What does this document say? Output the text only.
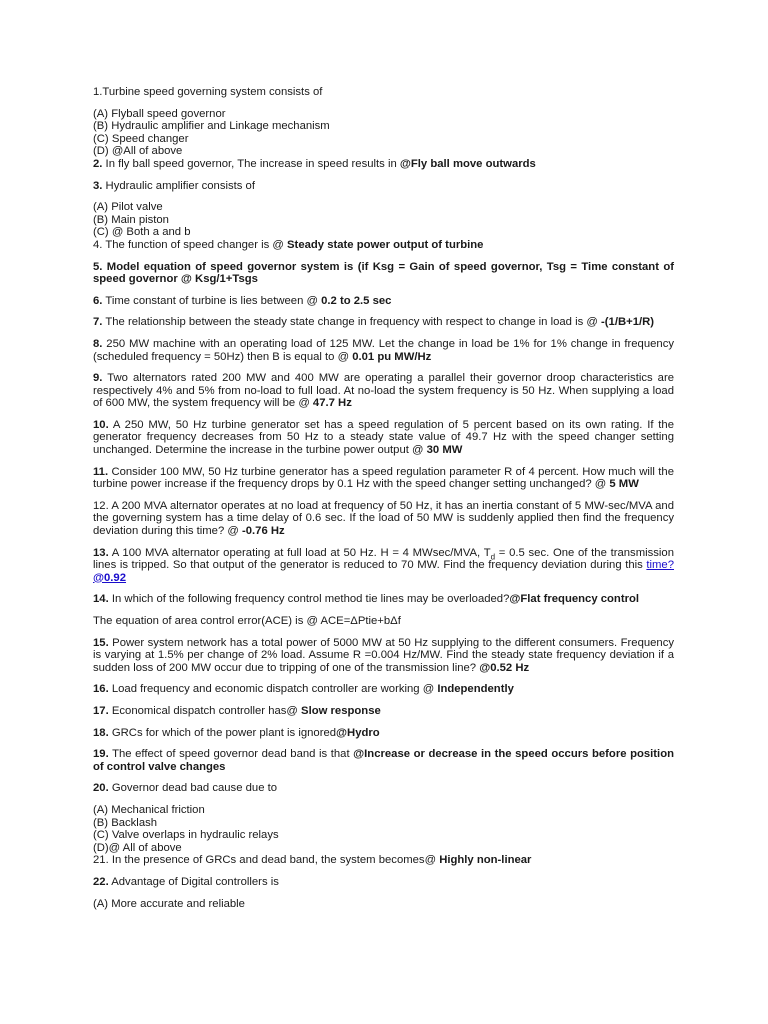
1.Turbine speed governing system consists of

(A) Flyball speed governor

(B) Hydraulic amplifier and Linkage mechanism

(C) Speed changer

(D) @All of above

2. In fly ball speed governor, The increase in speed results in @Fly ball move outwards

3. Hydraulic amplifier consists of

(A) Pilot valve

(B) Main piston

(C) @ Both a and b

4. The function of speed changer is @ Steady state power output of turbine

5. Model equation of speed governor system is (if Ksg = Gain of speed governor, Tsg = Time constant of speed governor @ Ksg/1+Tsgs

6. Time constant of turbine is lies between @ 0.2 to 2.5 sec

7. The relationship between the steady state change in frequency with respect to change in load is @ -(1/B+1/R)

8. 250 MW machine with an operating load of 125 MW. Let the change in load be 1% for 1% change in frequency (scheduled frequency = 50Hz) then B is equal to @ 0.01 pu MW/Hz

9. Two alternators rated 200 MW and 400 MW are operating a parallel their governor droop characteristics are respectively 4% and 5% from no-load to full load. At no-load the system frequency is 50 Hz. When supplying a load of 600 MW, the system frequency will be @ 47.7 Hz

10. A 250 MW, 50 Hz turbine generator set has a speed regulation of 5 percent based on its own rating. If the generator frequency decreases from 50 Hz to a steady state value of 49.7 Hz with the speed changer setting unchanged. Determine the increase in the turbine power output @ 30 MW

11. Consider 100 MW, 50 Hz turbine generator has a speed regulation parameter R of 4 percent. How much will the turbine power increase if the frequency drops by 0.1 Hz with the speed changer setting unchanged? @ 5 MW

12. A 200 MVA alternator operates at no load at frequency of 50 Hz, it has an inertia constant of 5 MW-sec/MVA and the governing system has a time delay of 0.6 sec. If the load of 50 MW is suddenly applied then find the frequency deviation during this time? @ -0.76 Hz

13. A 100 MVA alternator operating at full load at 50 Hz. H = 4 MWsec/MVA, $T_d = 0.5$ sec. One of the transmission lines is tripped. So that output of the generator is reduced to 70 MW. Find the frequency deviation during this time?@0.92

14. In which of the following frequency control method tie lines may be overloaded?@Flat frequency control

The equation of area control error(ACE) is @ ACE=ΔPtie+bΔf

15. Power system network has a total power of 5000 MW at 50 Hz supplying to the different consumers. Frequency is varying at 1.5% per change of 2% load. Assume R =0.004 Hz/MW. Find the steady state frequency deviation if a sudden loss of 200 MW occur due to tripping of one of the transmission line? @0.52 Hz

16. Load frequency and economic dispatch controller are working @ Independently

17. Economical dispatch controller has@ Slow response

18. GRCs for which of the power plant is ignored@Hydro

19. The effect of speed governor dead band is that @Increase or decrease in the speed occurs before position of control valve changes

20. Governor dead bad cause due to

(A) Mechanical friction

(B) Backlash

(C) Valve overlaps in hydraulic relays

(D)@ All of above

21. In the presence of GRCs and dead band, the system becomes@ Highly non-linear

22. Advantage of Digital controllers is

(A) More accurate and reliable
